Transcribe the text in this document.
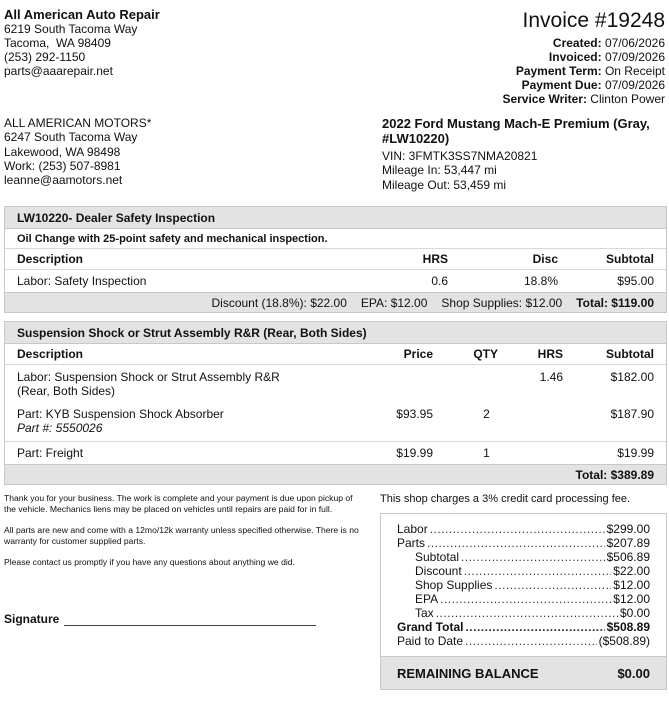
All American Auto Repair
6219 South Tacoma Way
Tacoma,  WA 98409
(253) 292-1150
parts@aaarepair.net
Invoice #19248
Created: 07/06/2026
Invoiced: 07/09/2026
Payment Term: On Receipt
Payment Due: 07/09/2026
Service Writer: Clinton Power
ALL AMERICAN MOTORS*
6247 South Tacoma Way
Lakewood, WA 98498
Work: (253) 507-8981
leanne@aamotors.net
2022 Ford Mustang Mach-E Premium (Gray,
#LW10220)
VIN: 3FMTK3SS7NMA20821
Mileage In: 53,447 mi
Mileage Out: 53,459 mi
LW10220- Dealer Safety Inspection
Oil Change with 25-point safety and mechanical inspection.
Description	HRS	Disc	Subtotal
Labor: Safety Inspection	0.6	18.8%	$95.00
Discount (18.8%): $22.00 EPA: $12.00 Shop Supplies: $12.00 Total: $119.00
Suspension Shock or Strut Assembly R&R (Rear, Both Sides)
Description	Price	QTY	HRS	Subtotal

Labor: Suspension Shock or Strut Assembly R&R (Rear, Both Sides)			1.46	$182.00

Part: KYB Suspension Shock Absorber
Part #: 5550026	$93.95	2		$187.90
Part: Freight	$19.99	1		$19.99
Total: $389.89

Thank you for your business. The work is complete and your payment is due upon pickup of the vehicle. Mechanics liens may be placed on vehicles until repairs are paid for in full.

All parts are new and come with a 12mo/12k warranty unless specified otherwise. There is no warranty for customer supplied parts.

Please contact us promptly if you have any questions about anything we did.

Signature
This shop charges a 3% credit card processing fee.
Labor .....	$299.00
Parts .....	$207.89
Subtotal .....	$506.89
Discount .....	$22.00
Shop Supplies .....	$12.00
EPA .....	$12.00
Tax .....	$0.00
Grand Total .....	$508.89
Paid to Date .....	($508.89)
REMAINING BALANCE	$0.00
